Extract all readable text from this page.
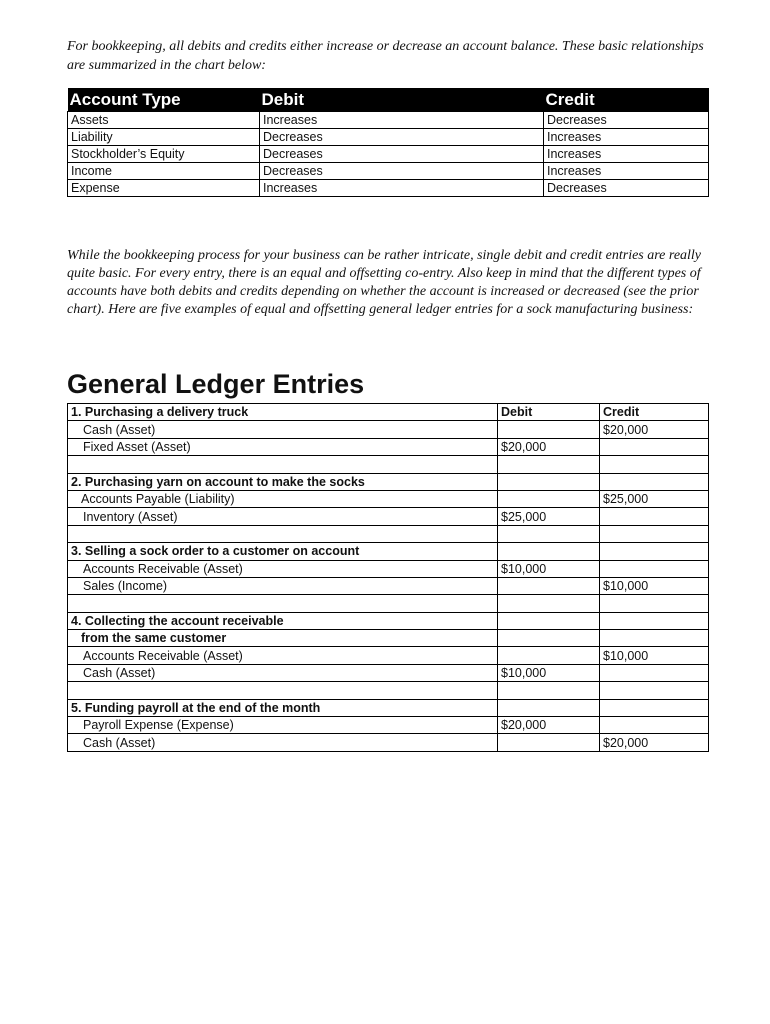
For bookkeeping, all debits and credits either increase or decrease an account balance. These basic relationships are summarized in the chart below:

Account Type	Debit	Credit
Assets	Increases	Decreases
Liability	Decreases	Increases
Stockholder’s Equity	Decreases	Increases
Income	Decreases	Increases
Expense	Increases	Decreases

While the bookkeeping process for your business can be rather intricate, single debit and credit entries are really quite basic. For every entry, there is an equal and offsetting co-entry. Also keep in mind that the different types of accounts have both debits and credits depending on whether the account is increased or decreased (see the prior chart). Here are five examples of equal and offsetting general ledger entries for a sock manufacturing business:

General Ledger Entries
1. Purchasing a delivery truck	Debit	Credit
Cash (Asset)		$20,000
Fixed Asset (Asset)	$20,000	

2. Purchasing yarn on account to make the socks		
Accounts Payable (Liability)		$25,000
Inventory (Asset)	$25,000	

3. Selling a sock order to a customer on account		
Accounts Receivable (Asset)	$10,000	
Sales (Income)		$10,000

4. Collecting the account receivable		
from the same customer		
Accounts Receivable (Asset)		$10,000
Cash (Asset)	$10,000	

5. Funding payroll at the end of the month		
Payroll Expense (Expense)	$20,000	
Cash (Asset)		$20,000
